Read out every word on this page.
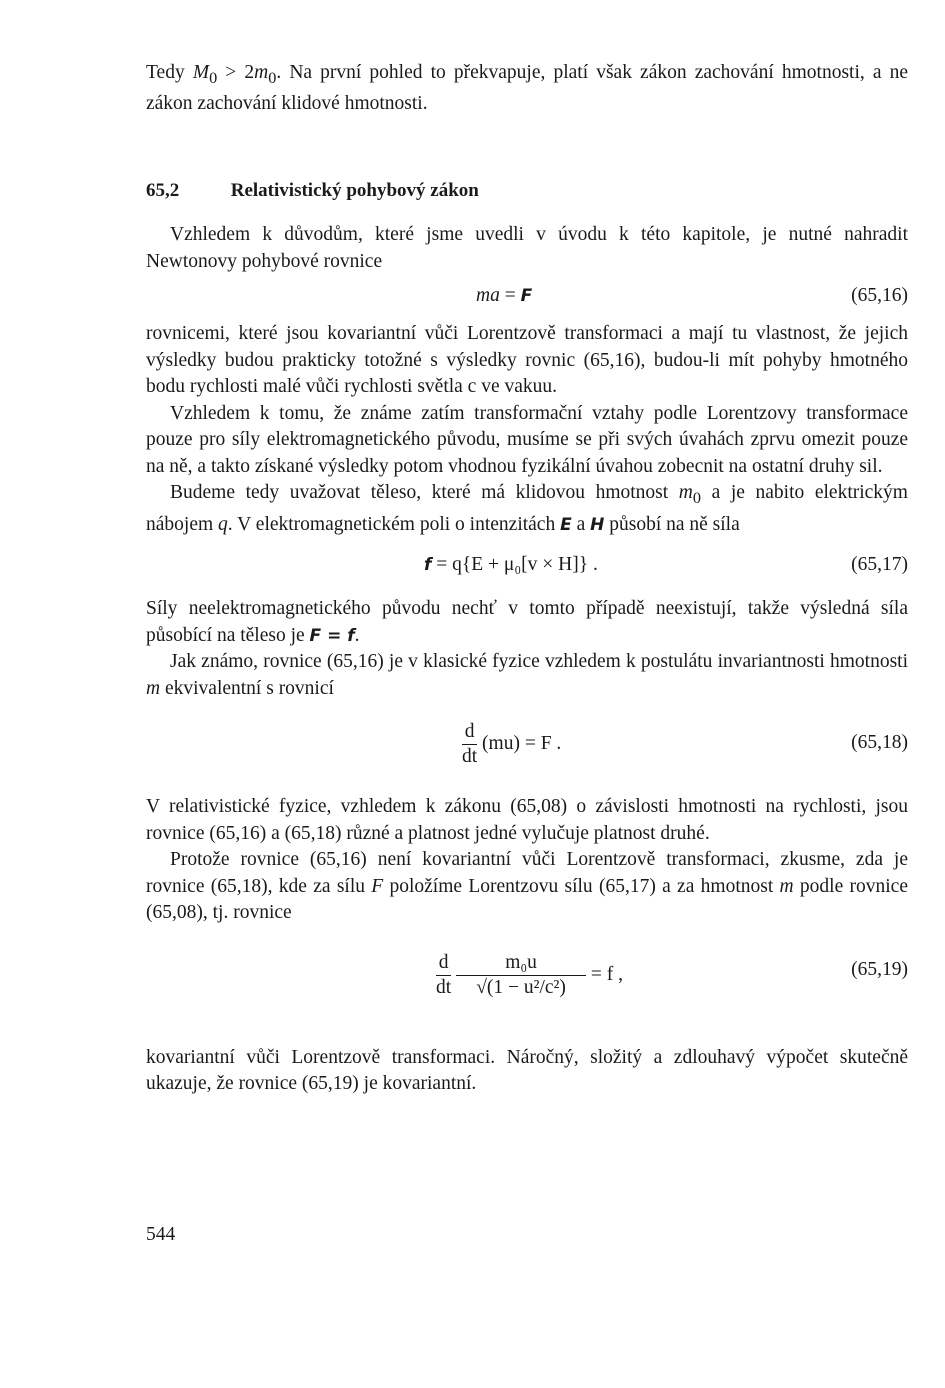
Tedy $M_0 > 2m_0$. Na první pohled to překvapuje, platí však zákon zachování hmotnosti, a ne zákon zachování klidové hmotnosti.

65,2	Relativistický pohybový zákon

Vzhledem k důvodům, které jsme uvedli v úvodu k této kapitole, je nutné nahradit Newtonovy pohybové rovnice

ma = F	(65,16)

rovnicemi, které jsou kovariantní vůči Lorentzově transformaci a mají tu vlastnost, že jejich výsledky budou prakticky totožné s výsledky rovnic (65,16), budou-li mít pohyby hmotného bodu rychlosti malé vůči rychlosti světla c ve vakuu.

Vzhledem k tomu, že známe zatím transformační vztahy podle Lorentzovy transformace pouze pro síly elektromagnetického původu, musíme se při svých úvahách zprvu omezit pouze na ně, a takto získané výsledky potom vhodnou fyzikální úvahou zobecnit na ostatní druhy sil.

Budeme tedy uvažovat těleso, které má klidovou hmotnost $m_0$ a je nabito elektrickým nábojem q. V elektromagnetickém poli o intenzitách E a H působí na ně síla

f = q{E + μ₀[v × H]} .	(65,17)

Síly neelektromagnetického původu nechť v tomto případě neexistují, takže výsledná síla působící na těleso je F = f.

Jak známo, rovnice (65,16) je v klasické fyzice vzhledem k postulátu invariantnosti hmotnosti m ekvivalentní s rovnicí

$\frac{d}{dt} (mu) = F$ .	(65,18)

V relativistické fyzice, vzhledem k zákonu (65,08) o závislosti hmotnosti na rychlosti, jsou rovnice (65,16) a (65,18) různé a platnost jedné vylučuje platnost druhé.

Protože rovnice (65,16) není kovariantní vůči Lorentzově transformaci, zkusme, zda je rovnice (65,18), kde za sílu F položíme Lorentzovu sílu (65,17) a za hmotnost m podle rovnice (65,08), tj. rovnice

$\frac{d}{dt}$
$\frac{\text{m₀u}}{\text{√(1 − u²/c²)}} = f$ ,	(65,19)

kovariantní vůči Lorentzově transformaci. Náročný, složitý a zdlouhavý výpočet skutečně ukazuje, že rovnice (65,19) je kovariantní.

544
